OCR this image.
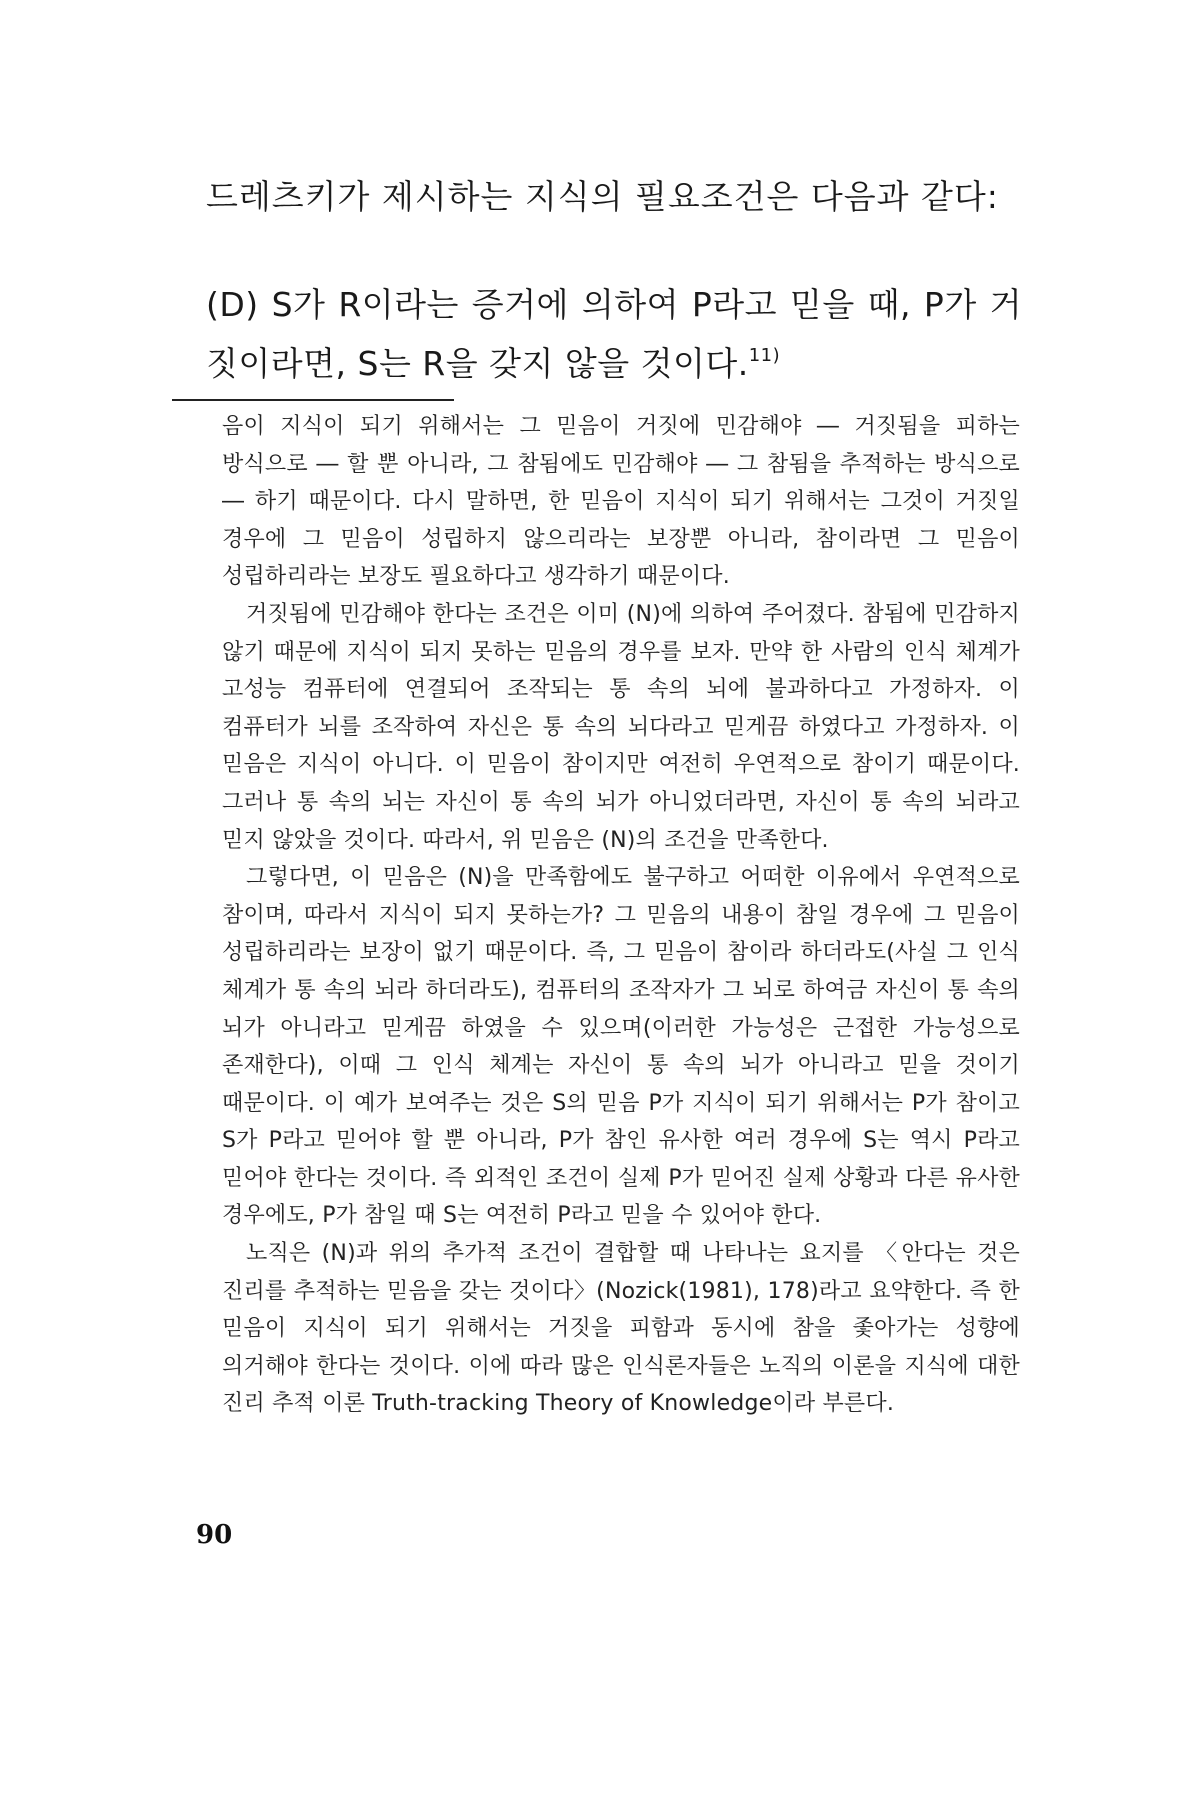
드레츠키가 제시하는 지식의 필요조건은 다음과 같다:

(D) S가 R이라는 증거에 의하여 P라고 믿을 때, P가 거짓이라면, S는 R을 갖지 않을 것이다.$^{11)}$

음이 지식이 되기 위해서는 그 믿음이 거짓에 민감해야 ― 거짓됨을 피하는 방식으로 ― 할 뿐 아니라, 그 참됨에도 민감해야 ― 그 참됨을 추적하는 방식으로 ― 하기 때문이다. 다시 말하면, 한 믿음이 지식이 되기 위해서는 그것이 거짓일 경우에 그 믿음이 성립하지 않으리라는 보장뿐 아니라, 참이라면 그 믿음이 성립하리라는 보장도 필요하다고 생각하기 때문이다.

거짓됨에 민감해야 한다는 조건은 이미 (N)에 의하여 주어졌다. 참됨에 민감하지 않기 때문에 지식이 되지 못하는 믿음의 경우를 보자. 만약 한 사람의 인식 체계가 고성능 컴퓨터에 연결되어 조작되는 통 속의 뇌에 불과하다고 가정하자. 이 컴퓨터가 뇌를 조작하여 자신은 통 속의 뇌다라고 믿게끔 하였다고 가정하자. 이 믿음은 지식이 아니다. 이 믿음이 참이지만 여전히 우연적으로 참이기 때문이다. 그러나 통 속의 뇌는 자신이 통 속의 뇌가 아니었더라면, 자신이 통 속의 뇌라고 믿지 않았을 것이다. 따라서, 위 믿음은 (N)의 조건을 만족한다.

그렇다면, 이 믿음은 (N)을 만족함에도 불구하고 어떠한 이유에서 우연적으로 참이며, 따라서 지식이 되지 못하는가? 그 믿음의 내용이 참일 경우에 그 믿음이 성립하리라는 보장이 없기 때문이다. 즉, 그 믿음이 참이라 하더라도(사실 그 인식 체계가 통 속의 뇌라 하더라도), 컴퓨터의 조작자가 그 뇌로 하여금 자신이 통 속의 뇌가 아니라고 믿게끔 하였을 수 있으며(이러한 가능성은 근접한 가능성으로 존재한다), 이때 그 인식 체계는 자신이 통 속의 뇌가 아니라고 믿을 것이기 때문이다. 이 예가 보여주는 것은 S의 믿음 P가 지식이 되기 위해서는 P가 참이고 S가 P라고 믿어야 할 뿐 아니라, P가 참인 유사한 여러 경우에 S는 역시 P라고 믿어야 한다는 것이다. 즉 외적인 조건이 실제 P가 믿어진 실제 상황과 다른 유사한 경우에도, P가 참일 때 S는 여전히 P라고 믿을 수 있어야 한다.

노직은 (N)과 위의 추가적 조건이 결합할 때 나타나는 요지를 〈안다는 것은 진리를 추적하는 믿음을 갖는 것이다〉(Nozick(1981), 178)라고 요약한다. 즉 한 믿음이 지식이 되기 위해서는 거짓을 피함과 동시에 참을 좇아가는 성향에 의거해야 한다는 것이다. 이에 따라 많은 인식론자들은 노직의 이론을 지식에 대한 진리 추적 이론 Truth-tracking Theory of Knowledge이라 부른다.

90
